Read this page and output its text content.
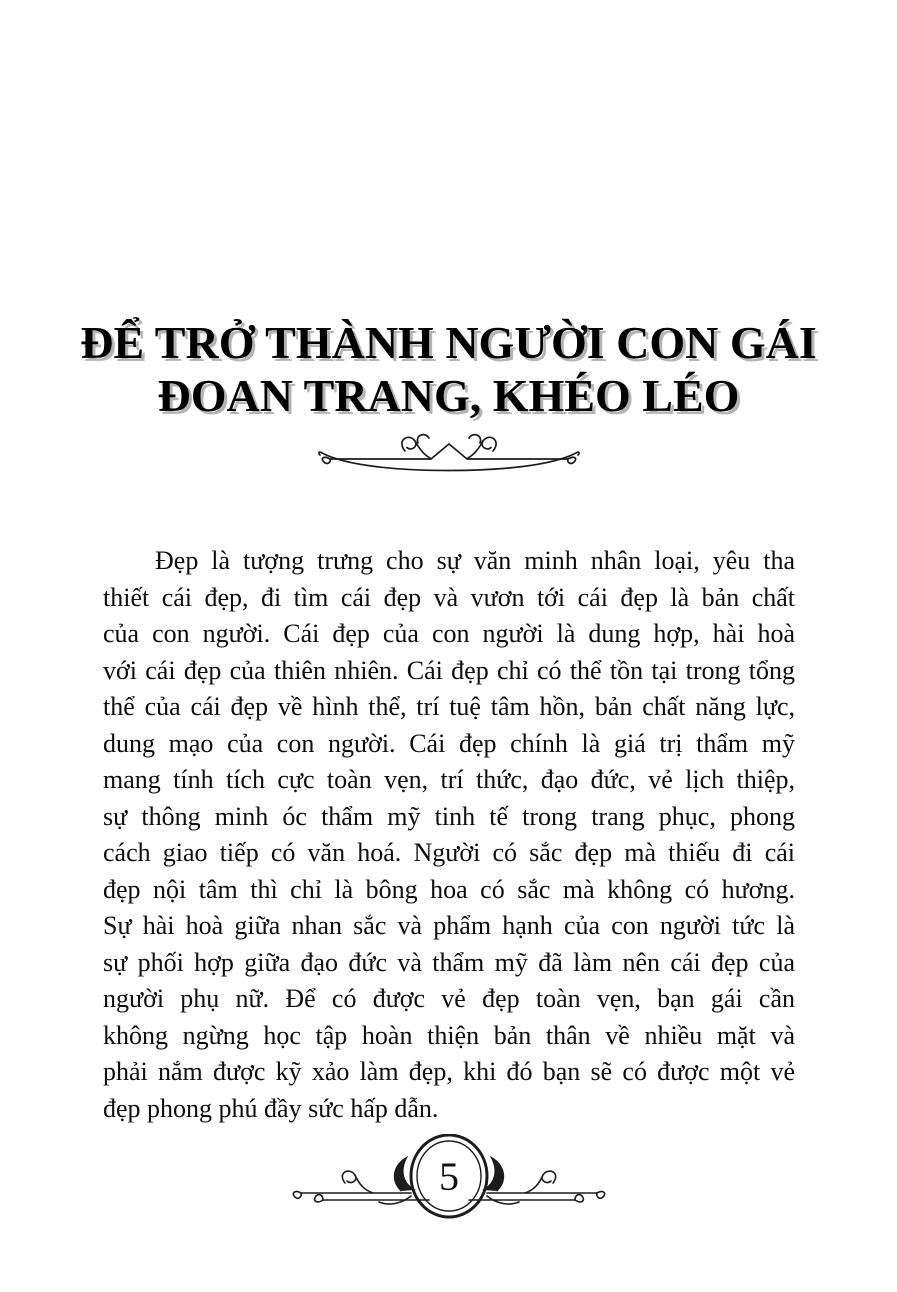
ĐỂ TRỞ THÀNH NGƯỜI CON GÁI
ĐOAN TRANG, KHÉO LÉO
Đẹp là tượng trưng cho sự văn minh nhân loại, yêu tha
thiết cái đẹp, đi tìm cái đẹp và vươn tới cái đẹp là bản chất
của con người. Cái đẹp của con người là dung hợp, hài hoà
với cái đẹp của thiên nhiên. Cái đẹp chỉ có thể tồn tại trong tổng
thể của cái đẹp về hình thể, trí tuệ tâm hồn, bản chất năng lực,
dung mạo của con người. Cái đẹp chính là giá trị thẩm mỹ
mang tính tích cực toàn vẹn, trí thức, đạo đức, vẻ lịch thiệp,
sự thông minh óc thẩm mỹ tinh tế trong trang phục, phong
cách giao tiếp có văn hoá. Người có sắc đẹp mà thiếu đi cái
đẹp nội tâm thì chỉ là bông hoa có sắc mà không có hương.
Sự hài hoà giữa nhan sắc và phẩm hạnh của con người tức là
sự phối hợp giữa đạo đức và thẩm mỹ đã làm nên cái đẹp của
người phụ nữ. Để có được vẻ đẹp toàn vẹn, bạn gái cần
không ngừng học tập hoàn thiện bản thân về nhiều mặt và
phải nắm được kỹ xảo làm đẹp, khi đó bạn sẽ có được một vẻ
đẹp phong phú đầy sức hấp dẫn.
5
